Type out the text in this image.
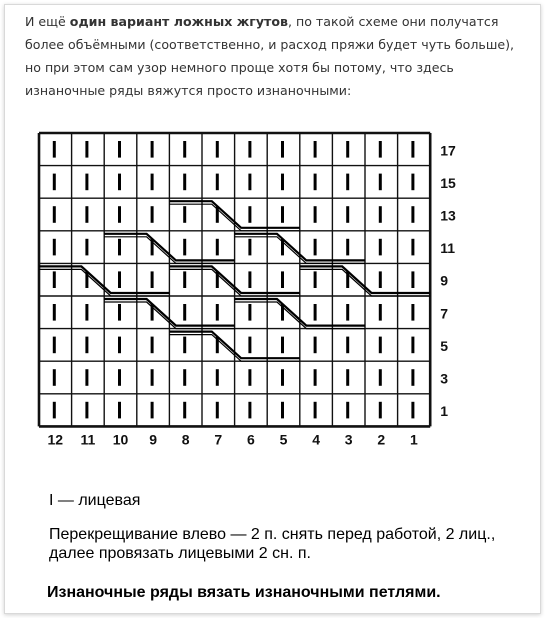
И ещё один вариант ложных жгутов, по такой схеме они получатся более объёмными (соответственно, и расход пряжи будет чуть больше), но при этом сам узор немного проще хотя бы потому, что здесь изнаночные ряды вяжутся просто изнаночными:

17
15
13
11
9
7
5
3
1
12 11 10 9 8 7 6 5 4 3 2 1

I — лицевая

Перекрещивание влево — 2 п. снять перед работой, 2 лиц., далее провязать лицевыми 2 сн. п.

Изнаночные ряды вязать изнаночными петлями.
